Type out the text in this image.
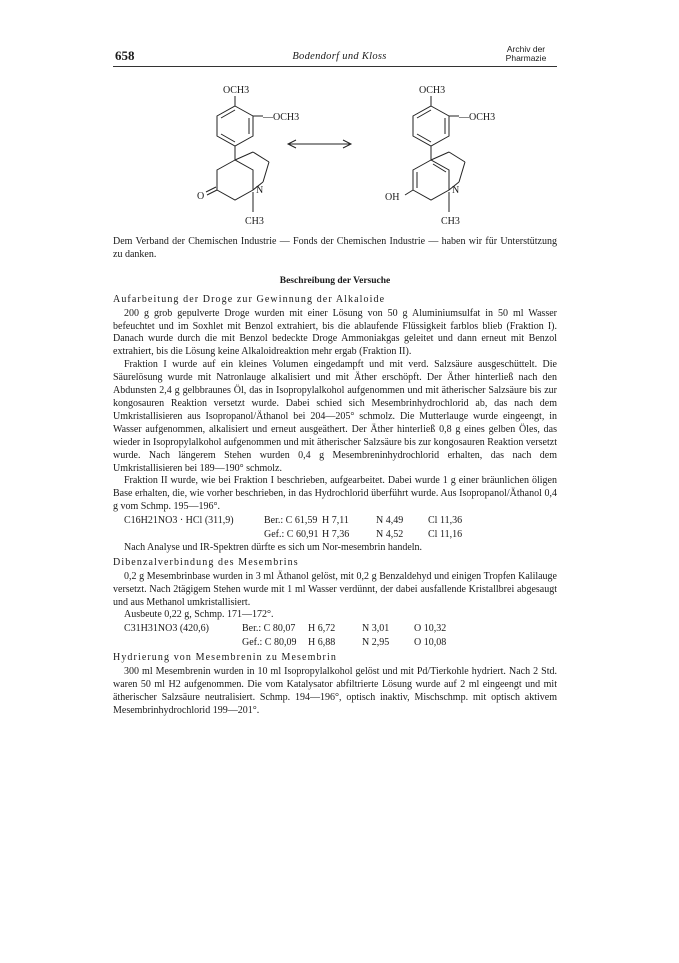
658	Bodendorf und Kloss
Archiv der
Pharmazie
OCH3
—OCH3
O
N
CH3
OCH3
—OCH3
OH
N
CH3

Dem Verband der Chemischen Industrie — Fonds der Chemischen Industrie — haben wir für Unterstützung zu danken.

Beschreibung der Versuche
Aufarbeitung der Droge zur Gewinnung der Alkaloide

200 g grob gepulverte Droge wurden mit einer Lösung von 50 g Aluminiumsulfat in 50 ml Wasser befeuchtet und im Soxhlet mit Benzol extrahiert, bis die ablaufende Flüssigkeit farblos blieb (Fraktion I). Danach wurde durch die mit Benzol bedeckte Droge Ammoniakgas geleitet und dann erneut mit Benzol extrahiert, bis die Lösung keine Alkaloidreaktion mehr ergab (Fraktion II).

Fraktion I wurde auf ein kleines Volumen eingedampft und mit verd. Salzsäure ausgeschüttelt. Die Säurelösung wurde mit Natronlauge alkalisiert und mit Äther erschöpft. Der Äther hinterließ nach den Abdunsten 2,4 g gelbbraunes Öl, das in Isopropylalkohol aufgenommen und mit ätherischer Salzsäure bis zur kongosauren Reaktion versetzt wurde. Dabei schied sich Mesembrinhydrochlorid ab, das nach dem Umkristallisieren aus Isopropanol/Äthanol bei 204—205° schmolz. Die Mutterlauge wurde eingeengt, in Wasser aufgenommen, alkalisiert und erneut ausgeäthert. Der Äther hinterließ 0,8 g eines gelben Öles, das wieder in Isopropylalkohol aufgenommen und mit ätherischer Salzsäure bis zur kongosauren Reaktion versetzt wurde. Nach längerem Stehen wurden 0,4 g Mesembreninhydrochlorid erhalten, das nach dem Umkristallisieren bei 189—190° schmolz.

Fraktion II wurde, wie bei Fraktion I beschrieben, aufgearbeitet. Dabei wurde 1 g einer bräunlichen öligen Base erhalten, die, wie vorher beschrieben, in das Hydrochlorid überführt wurde. Aus Isopropanol/Äthanol 0,4 g vom Schmp. 195—196°.

C16H21NO3 · HCl (311,9)	Ber.: C 61,59 H 7,11	N 4,49	Cl 11,36
Gef.: C 60,91 H 7,36	N 4,52	Cl 11,16

Nach Analyse und IR-Spektren dürfte es sich um Nor-mesembrin handeln.

Dibenzalverbindung des Mesembrins

0,2 g Mesembrinbase wurden in 3 ml Äthanol gelöst, mit 0,2 g Benzaldehyd und einigen Tropfen Kalilauge versetzt. Nach 2tägigem Stehen wurde mit 1 ml Wasser verdünnt, der dabei ausfallende Kristallbrei abgesaugt und aus Methanol umkristallisiert.

Ausbeute 0,22 g, Schmp. 171—172°.

C31H31NO3 (420,6)	Ber.: C 80,07	H 6,72	N 3,01	O 10,32
Gef.: C 80,09	H 6,88	N 2,95	O 10,08
Hydrierung von Mesembrenin zu Mesembrin

300 ml Mesembrenin wurden in 10 ml Isopropylalkohol gelöst und mit Pd/Tierkohle hydriert. Nach 2 Std. waren 50 ml H2 aufgenommen. Die vom Katalysator abfiltrierte Lösung wurde auf 2 ml eingeengt und mit ätherischer Salzsäure neutralisiert. Schmp. 194—196°, optisch inaktiv, Mischschmp. mit optisch aktivem Mesembrinhydrochlorid 199—201°.
